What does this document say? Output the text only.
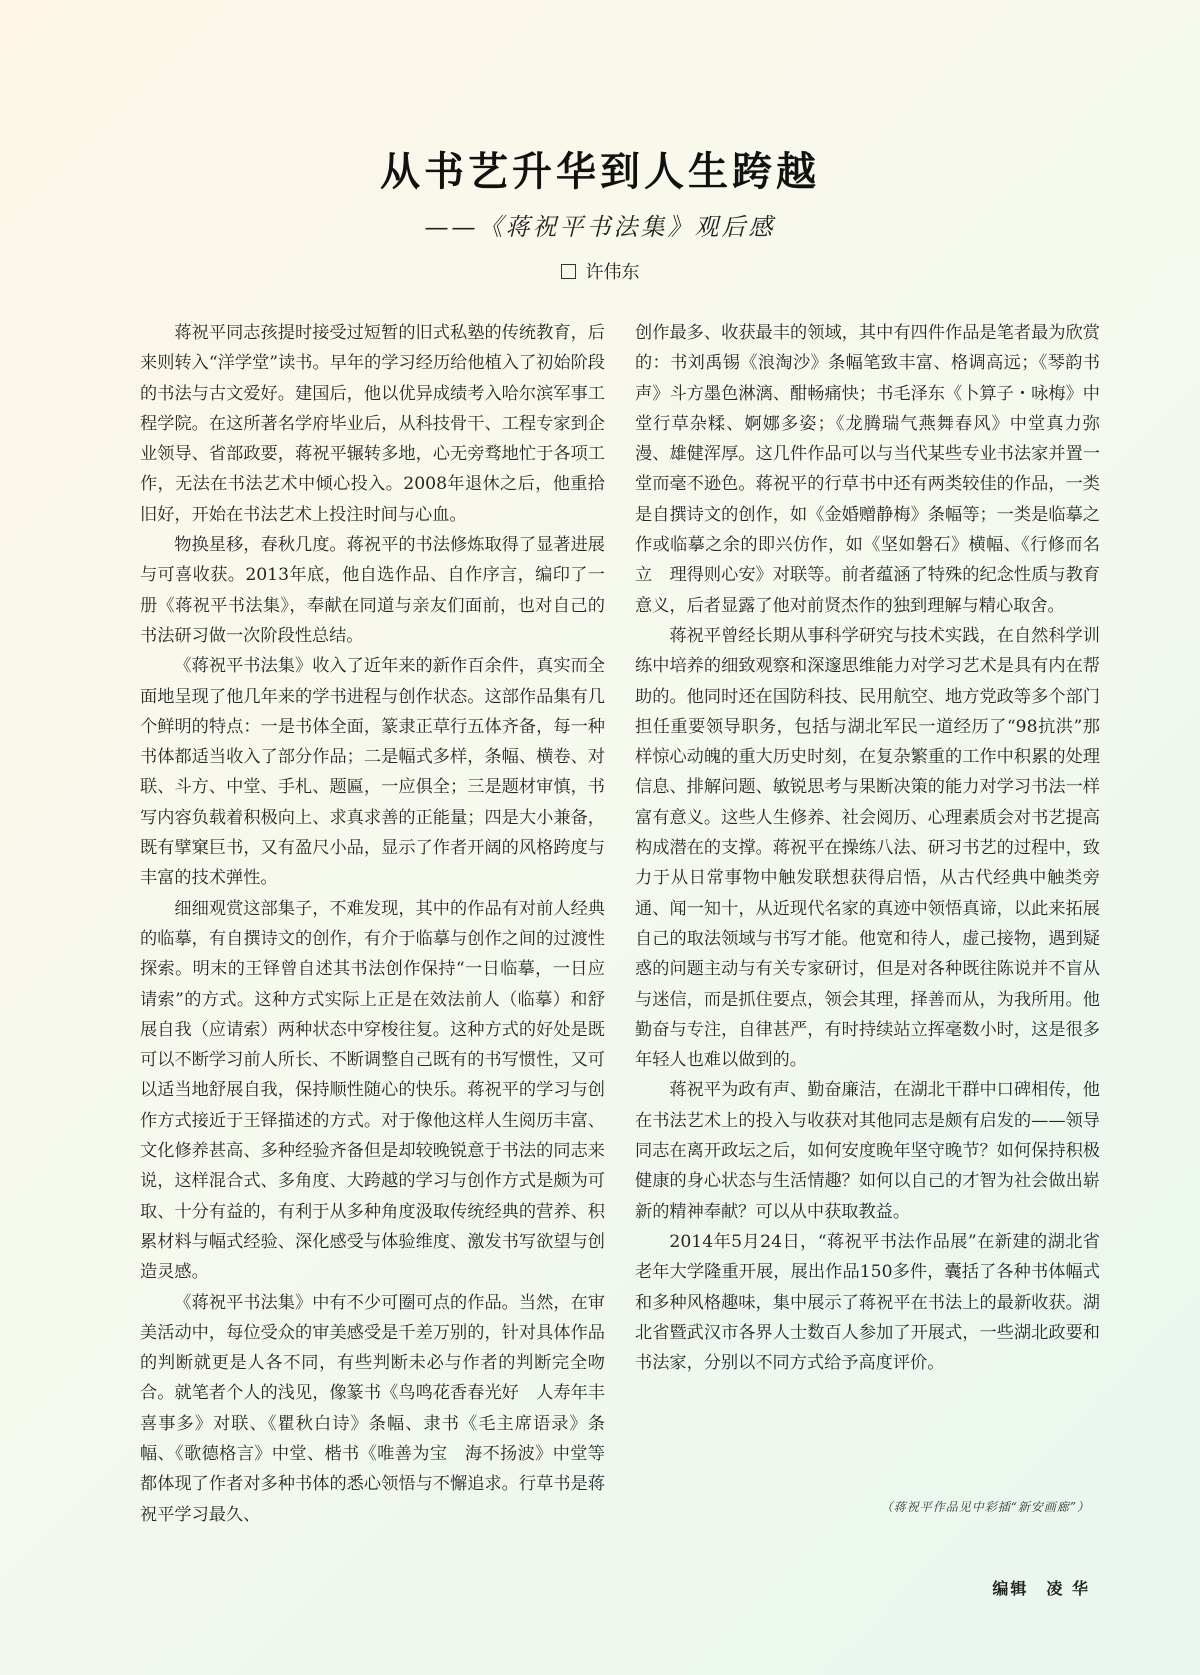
从书艺升华到人生跨越
——《蒋祝平书法集》观后感
许伟东

蒋祝平同志孩提时接受过短暂的旧式私塾的传统教育，后来则转入“洋学堂”读书。早年的学习经历给他植入了初始阶段的书法与古文爱好。建国后，他以优异成绩考入哈尔滨军事工程学院。在这所著名学府毕业后，从科技骨干、工程专家到企业领导、省部政要，蒋祝平辗转多地，心无旁骛地忙于各项工作，无法在书法艺术中倾心投入。2008年退休之后，他重拾旧好，开始在书法艺术上投注时间与心血。

物换星移，春秋几度。蒋祝平的书法修炼取得了显著进展与可喜收获。2013年底，他自选作品、自作序言，编印了一册《蒋祝平书法集》，奉献在同道与亲友们面前，也对自己的书法研习做一次阶段性总结。

《蒋祝平书法集》收入了近年来的新作百余件，真实而全面地呈现了他几年来的学书进程与创作状态。这部作品集有几个鲜明的特点：一是书体全面，篆隶正草行五体齐备，每一种书体都适当收入了部分作品；二是幅式多样，条幅、横卷、对联、斗方、中堂、手札、题匾，一应俱全；三是题材审慎，书写内容负载着积极向上、求真求善的正能量；四是大小兼备，既有擘窠巨书，又有盈尺小品，显示了作者开阔的风格跨度与丰富的技术弹性。

细细观赏这部集子，不难发现，其中的作品有对前人经典的临摹，有自撰诗文的创作，有介于临摹与创作之间的过渡性探索。明末的王铎曾自述其书法创作保持“一日临摹，一日应请索”的方式。这种方式实际上正是在效法前人（临摹）和舒展自我（应请索）两种状态中穿梭往复。这种方式的好处是既可以不断学习前人所长、不断调整自己既有的书写惯性，又可以适当地舒展自我，保持顺性随心的快乐。蒋祝平的学习与创作方式接近于王铎描述的方式。对于像他这样人生阅历丰富、文化修养甚高、多种经验齐备但是却较晚锐意于书法的同志来说，这样混合式、多角度、大跨越的学习与创作方式是颇为可取、十分有益的，有利于从多种角度汲取传统经典的营养、积累材料与幅式经验、深化感受与体验维度、激发书写欲望与创造灵感。

《蒋祝平书法集》中有不少可圈可点的作品。当然，在审美活动中，每位受众的审美感受是千差万别的，针对具体作品的判断就更是人各不同，有些判断未必与作者的判断完全吻合。就笔者个人的浅见，像篆书《鸟鸣花香春光好　人寿年丰喜事多》对联、《瞿秋白诗》条幅、隶书《毛主席语录》条幅、《歌德格言》中堂、楷书《唯善为宝　海不扬波》中堂等都体现了作者对多种书体的悉心领悟与不懈追求。行草书是蒋祝平学习最久、

创作最多、收获最丰的领域，其中有四件作品是笔者最为欣赏的：书刘禹锡《浪淘沙》条幅笔致丰富、格调高远；《琴韵书声》斗方墨色淋漓、酣畅痛快；书毛泽东《卜算子・咏梅》中堂行草杂糅、婀娜多姿；《龙腾瑞气燕舞春风》中堂真力弥漫、雄健浑厚。这几件作品可以与当代某些专业书法家并置一堂而毫不逊色。蒋祝平的行草书中还有两类较佳的作品，一类是自撰诗文的创作，如《金婚赠静梅》条幅等；一类是临摹之作或临摹之余的即兴仿作，如《坚如磐石》横幅、《行修而名立　理得则心安》对联等。前者蕴涵了特殊的纪念性质与教育意义，后者显露了他对前贤杰作的独到理解与精心取舍。

蒋祝平曾经长期从事科学研究与技术实践，在自然科学训练中培养的细致观察和深邃思维能力对学习艺术是具有内在帮助的。他同时还在国防科技、民用航空、地方党政等多个部门担任重要领导职务，包括与湖北军民一道经历了“98抗洪”那样惊心动魄的重大历史时刻，在复杂繁重的工作中积累的处理信息、排解问题、敏锐思考与果断决策的能力对学习书法一样富有意义。这些人生修养、社会阅历、心理素质会对书艺提高构成潜在的支撑。蒋祝平在操练八法、研习书艺的过程中，致力于从日常事物中触发联想获得启悟，从古代经典中触类旁通、闻一知十，从近现代名家的真迹中领悟真谛，以此来拓展自己的取法领域与书写才能。他宽和待人，虚己接物，遇到疑惑的问题主动与有关专家研讨，但是对各种既往陈说并不盲从与迷信，而是抓住要点，领会其理，择善而从，为我所用。他勤奋与专注，自律甚严，有时持续站立挥毫数小时，这是很多年轻人也难以做到的。

蒋祝平为政有声、勤奋廉洁，在湖北干群中口碑相传，他在书法艺术上的投入与收获对其他同志是颇有启发的——领导同志在离开政坛之后，如何安度晚年坚守晚节？如何保持积极健康的身心状态与生活情趣？如何以自己的才智为社会做出崭新的精神奉献？可以从中获取教益。

2014年5月24日，“蒋祝平书法作品展”在新建的湖北省老年大学隆重开展，展出作品150多件，囊括了各种书体幅式和多种风格趣味，集中展示了蒋祝平在书法上的最新收获。湖北省暨武汉市各界人士数百人参加了开展式，一些湖北政要和书法家，分别以不同方式给予高度评价。

（蒋祝平作品见中彩插“新安画廊”）
编辑　凌 华
